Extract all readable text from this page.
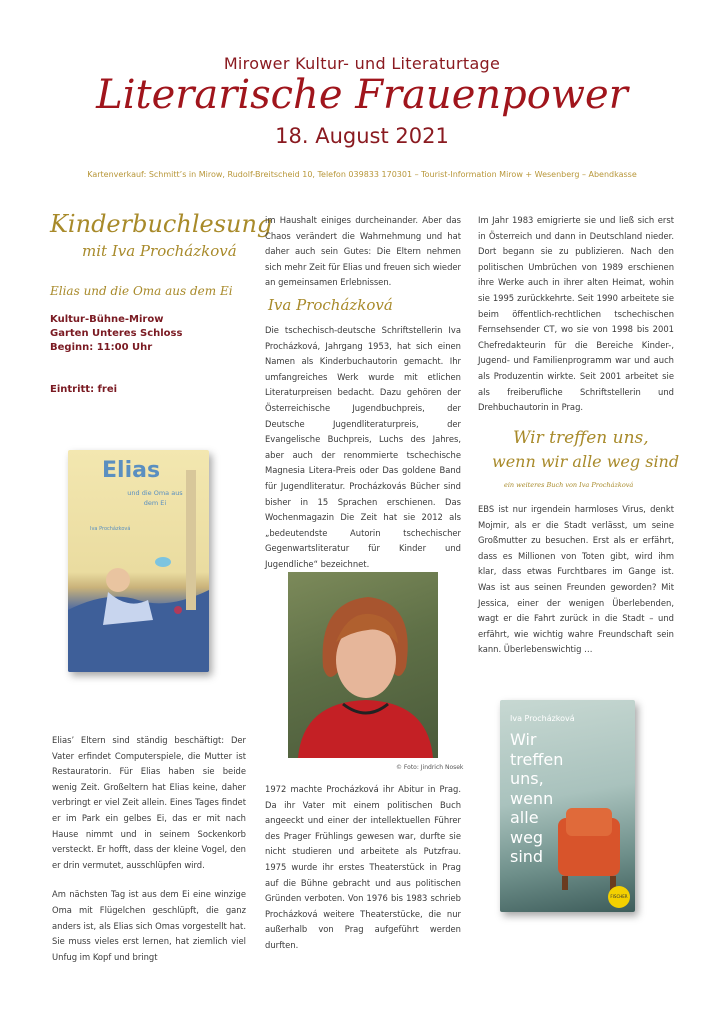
Mirower Kultur- und Literaturtage
Literarische Frauenpower
18. August 2021
Kartenverkauf: Schmitt’s in Mirow, Rudolf-Breitscheid 10, Telefon 039833 170301 – Tourist-Information Mirow + Wesenberg – Abendkasse
Kinderbuchlesung
mit Iva Procházková
Elias und die Oma aus dem Ei
Kultur-Bühne-Mirow
Garten Unteres Schloss
Beginn: 11:00 Uhr
Eintritt: frei
Elias
und die Oma aus dem Ei
Iva Procházková

Elias’ Eltern sind ständig beschäftigt: Der Vater erfindet Computerspiele, die Mutter ist Restauratorin. Für Elias haben sie beide wenig Zeit. Großeltern hat Elias keine, daher verbringt er viel Zeit allein. Eines Tages findet er im Park ein gelbes Ei, das er mit nach Hause nimmt und in seinem Sockenkorb versteckt. Er hofft, dass der kleine Vogel, den er drin vermutet, ausschlüpfen wird.

Am nächsten Tag ist aus dem Ei eine winzige Oma mit Flügelchen geschlüpft, die ganz anders ist, als Elias sich Omas vorgestellt hat. Sie muss vieles erst lernen, hat ziemlich viel Unfug im Kopf und bringt

im Haushalt einiges durcheinander. Aber das Chaos verändert die Wahrnehmung und hat daher auch sein Gutes: Die Eltern nehmen sich mehr Zeit für Elias und freuen sich wieder an gemeinsamen Erlebnissen.

Iva Procházková

Die tschechisch-deutsche Schriftstellerin Iva Procházková, Jahrgang 1953, hat sich einen Namen als Kinderbuchautorin gemacht. Ihr umfangreiches Werk wurde mit etlichen Literaturpreisen bedacht. Dazu gehören der Österreichische Jugendbuchpreis, der Deutsche Jugendliteraturpreis, der Evangelische Buchpreis, Luchs des Jahres, aber auch der renommierte tschechische Magnesia Litera-Preis oder Das goldene Band für Jugendliteratur. Procházkovás Bücher sind bisher in 15 Sprachen erschienen. Das Wochenmagazin Die Zeit hat sie 2012 als „bedeutendste Autorin tschechischer Gegenwartsliteratur für Kinder und Jugendliche“ bezeichnet.

© Foto: Jindrich Nosek

1972 machte Procházková ihr Abitur in Prag. Da ihr Vater mit einem politischen Buch angeeckt und einer der intellektuellen Führer des Prager Frühlings gewesen war, durfte sie nicht studieren und arbeitete als Putzfrau. 1975 wurde ihr erstes Theaterstück in Prag auf die Bühne gebracht und aus politischen Gründen verboten. Von 1976 bis 1983 schrieb Procházková weitere Theaterstücke, die nur außerhalb von Prag aufgeführt werden durften.

Im Jahr 1983 emigrierte sie und ließ sich erst in Österreich und dann in Deutschland nieder. Dort begann sie zu publizieren. Nach den politischen Umbrüchen von 1989 erschienen ihre Werke auch in ihrer alten Heimat, wohin sie 1995 zurückkehrte. Seit 1990 arbeitete sie beim öffentlich-rechtlichen tschechischen Fernsehsender CT, wo sie von 1998 bis 2001 Chefredakteurin für die Bereiche Kinder-, Jugend- und Familienprogramm war und auch als Produzentin wirkte. Seit 2001 arbeitet sie als freiberufliche Schriftstellerin und Drehbuchautorin in Prag.

Wir treffen uns,
wenn wir alle weg sind
ein weiteres Buch von Iva Procházková

EBS ist nur irgendein harmloses Virus, denkt Mojmir, als er die Stadt verlässt, um seine Großmutter zu besuchen. Erst als er erfährt, dass es Millionen von Toten gibt, wird ihm klar, dass etwas Furchtbares im Gange ist. Was ist aus seinen Freunden geworden? Mit Jessica, einer der wenigen Überlebenden, wagt er die Fahrt zurück in die Stadt – und erfährt, wie wichtig wahre Freundschaft sein kann. Überlebenswichtig …

Iva Procházková
Wir
treffen
uns,
wenn
alle
weg
sind
FISCHER
